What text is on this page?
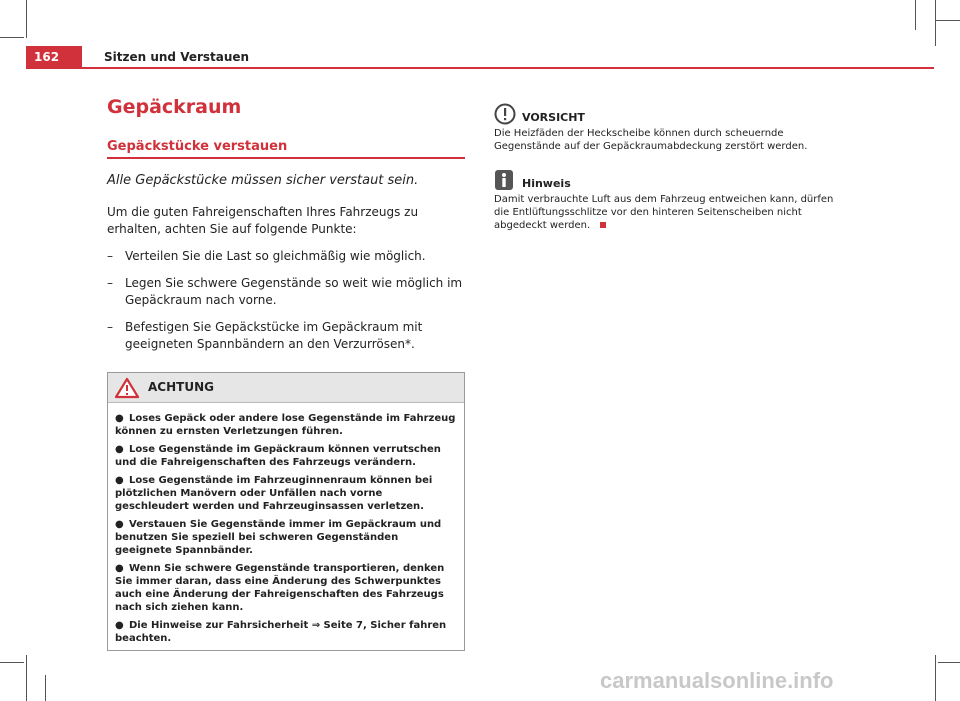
162	Sitzen und Verstauen
Gepäckraum
Gepäckstücke verstauen

Alle Gepäckstücke müssen sicher verstaut sein.

Um die guten Fahreigenschaften Ihres Fahrzeugs zu erhalten, achten Sie auf folgende Punkte:

–	Verteilen Sie die Last so gleichmäßig wie möglich.
–	Legen Sie schwere Gegenstände so weit wie möglich im Gepäckraum nach vorne.
–	Befestigen Sie Gepäckstücke im Gepäckraum mit geeigneten Spannbändern an den Verzurrösen*.
ACHTUNG

● Loses Gepäck oder andere lose Gegenstände im Fahrzeug können zu ernsten Verletzungen führen.

● Lose Gegenstände im Gepäckraum können verrutschen und die Fahreigenschaften des Fahrzeugs verändern.

● Lose Gegenstände im Fahrzeuginnenraum können bei plötzlichen Manövern oder Unfällen nach vorne geschleudert werden und Fahrzeuginsassen verletzen.

● Verstauen Sie Gegenstände immer im Gepäckraum und benutzen Sie speziell bei schweren Gegenständen geeignete Spannbänder.

● Wenn Sie schwere Gegenstände transportieren, denken Sie immer daran, dass eine Änderung des Schwerpunktes auch eine Änderung der Fahreigenschaften des Fahrzeugs nach sich ziehen kann.

● Die Hinweise zur Fahrsicherheit ⇒ Seite 7, Sicher fahren beachten.

VORSICHT

Die Heizfäden der Heckscheibe können durch scheuernde Gegenstände auf der Gepäckraumabdeckung zerstört werden.

Hinweis

Damit verbrauchte Luft aus dem Fahrzeug entweichen kann, dürfen die Entlüftungsschlitze vor den hinteren Seitenscheiben nicht abgedeckt werden.

carmanualsonline.info
